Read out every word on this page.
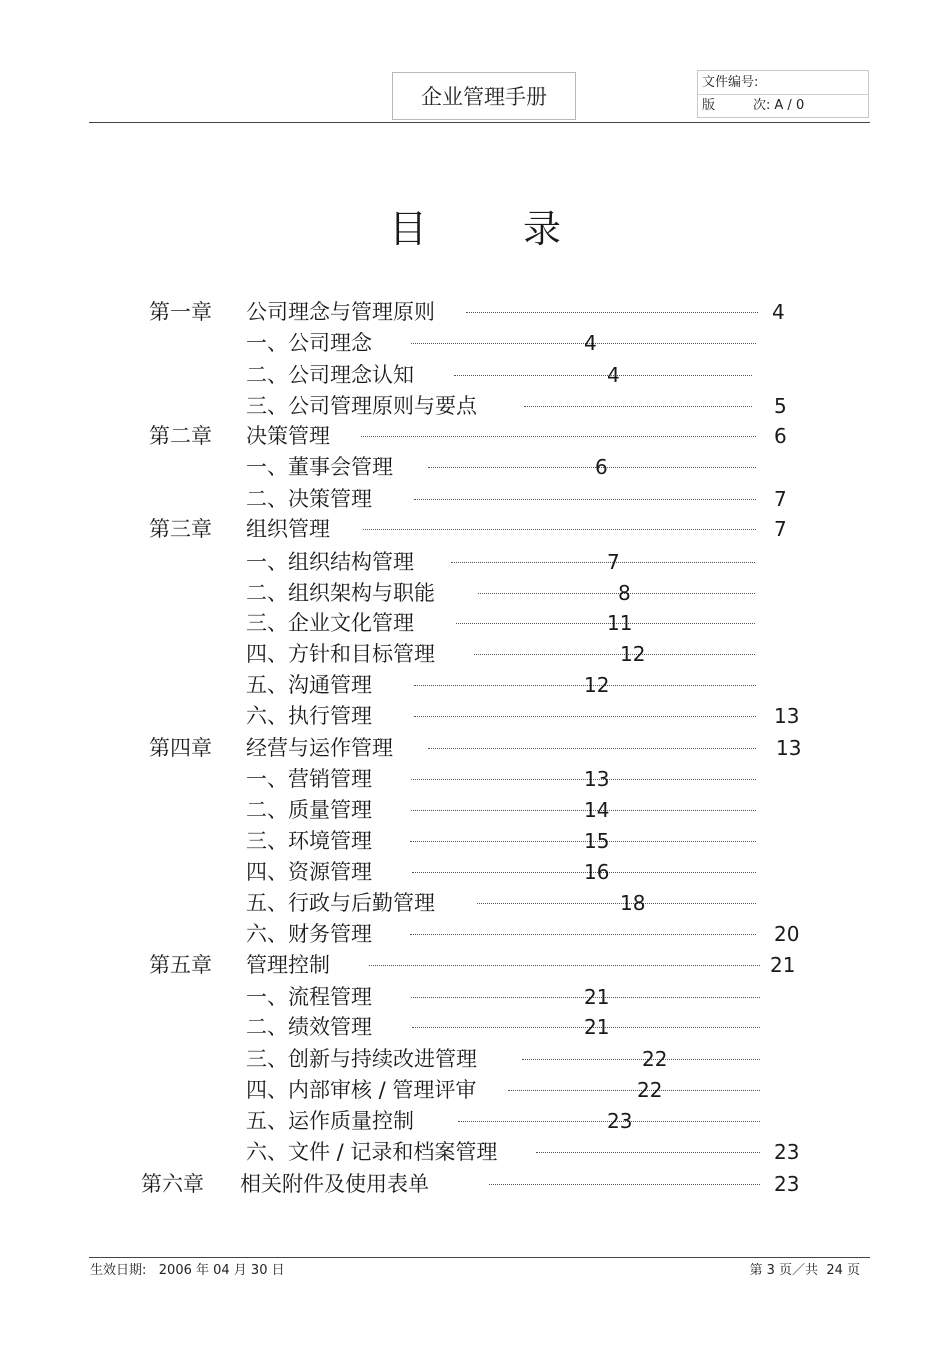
企业管理手册
文件编号:
版	次: A / 0
目录
第一章 公司理念与管理原则	4
一、公司理念	4
二、公司理念认知	4
三、公司管理原则与要点	5
第二章 决策管理	6
一、董事会管理	6
二、决策管理	7
第三章 组织管理	7
一、组织结构管理	7
二、组织架构与职能	8
三、企业文化管理	11
四、方针和目标管理	12
五、沟通管理	12
六、执行管理	13
第四章 经营与运作管理	13
一、营销管理	13
二、质量管理	14
三、环境管理	15
四、资源管理	16
五、行政与后勤管理	18
六、财务管理	20
第五章 管理控制	21
一、流程管理	21
二、绩效管理	21
三、创新与持续改进管理	22
四、内部审核 / 管理评审	22
五、运作质量控制	23
六、文件 / 记录和档案管理	23
第六章 相关附件及使用表单	23
生效日期:   2006 年 04 月 30 日	第 3 页／共  24 页
